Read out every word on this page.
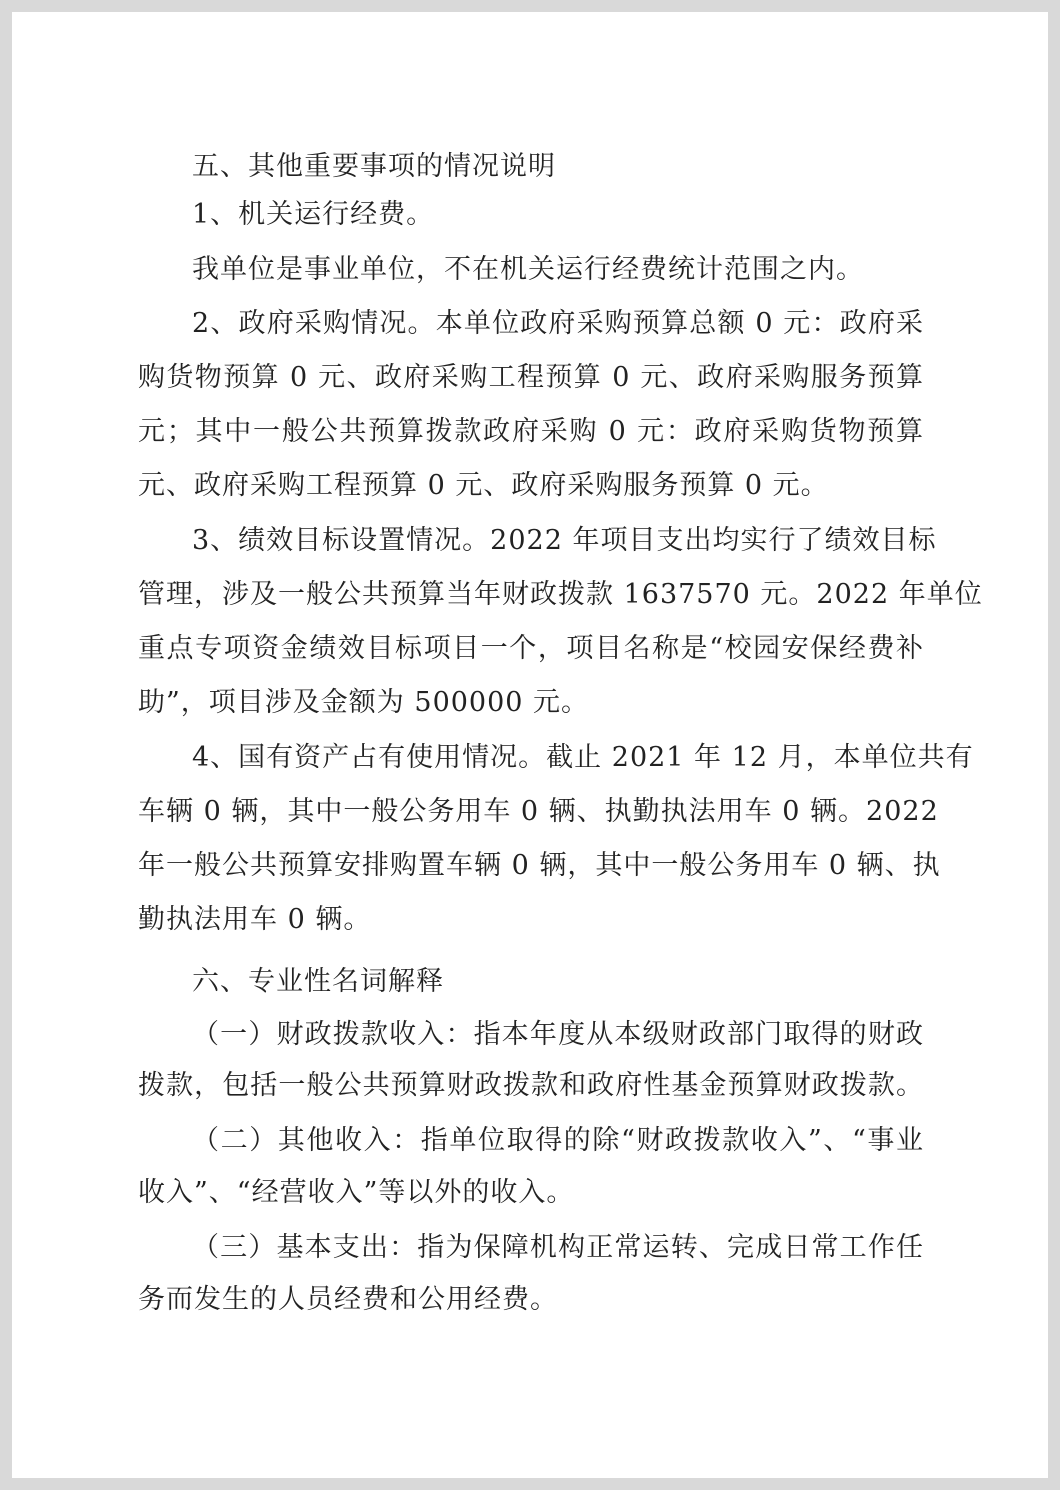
五、其他重要事项的情况说明
1、机关运行经费。
我单位是事业单位，不在机关运行经费统计范围之内。
2、政府采购情况。本单位政府采购预算总额 0 元：政府采
购货物预算 0 元、政府采购工程预算 0 元、政府采购服务预算
元；其中一般公共预算拨款政府采购 0 元：政府采购货物预算
元、政府采购工程预算 0 元、政府采购服务预算 0 元。
3、绩效目标设置情况。2022 年项目支出均实行了绩效目标
管理，涉及一般公共预算当年财政拨款 1637570 元。2022 年单位
重点专项资金绩效目标项目一个，项目名称是“校园安保经费补
助”，项目涉及金额为 500000 元。
4、国有资产占有使用情况。截止 2021 年 12 月，本单位共有
车辆 0 辆，其中一般公务用车 0 辆、执勤执法用车 0 辆。2022
年一般公共预算安排购置车辆 0 辆，其中一般公务用车 0 辆、执
勤执法用车 0 辆。
六、专业性名词解释
（一）财政拨款收入：指本年度从本级财政部门取得的财政
拨款，包括一般公共预算财政拨款和政府性基金预算财政拨款。
（二）其他收入：指单位取得的除“财政拨款收入”、“事业
收入”、“经营收入”等以外的收入。
（三）基本支出：指为保障机构正常运转、完成日常工作任
务而发生的人员经费和公用经费。
